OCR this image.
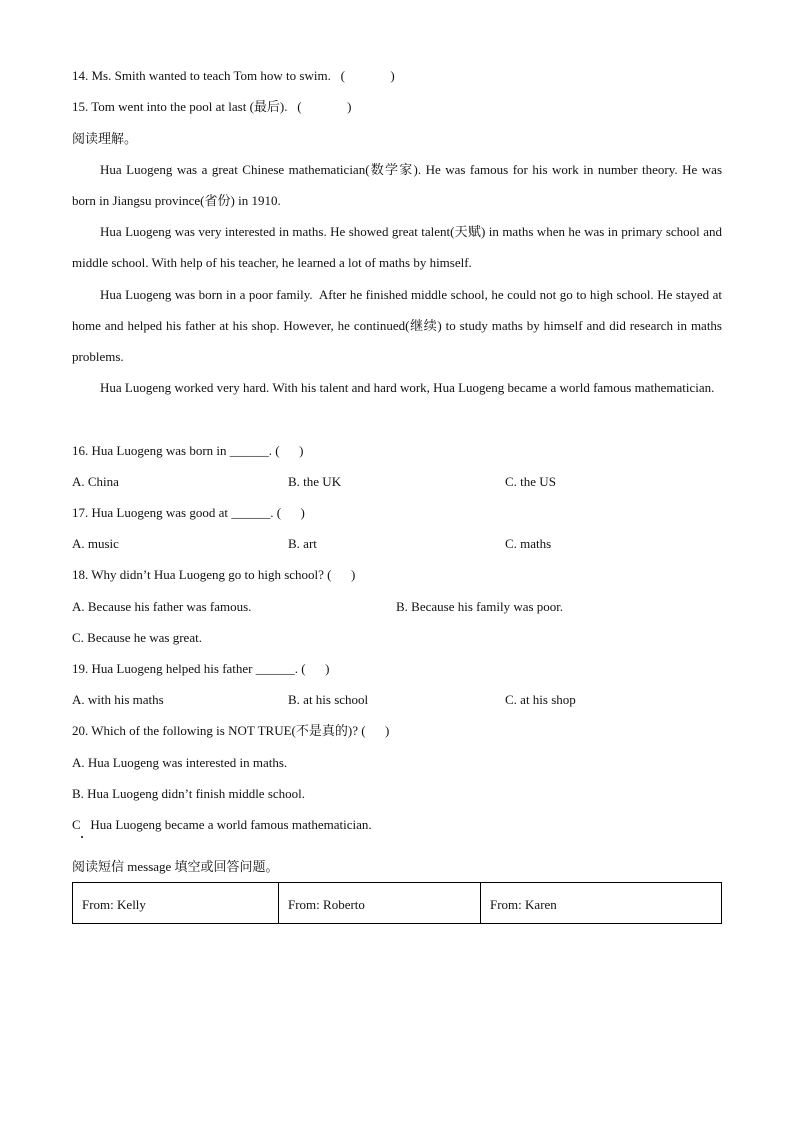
14. Ms. Smith wanted to teach Tom how to swim.   (              )
15. Tom went into the pool at last (最后).   (              )
阅读理解。
Hua Luogeng was a great Chinese mathematician(数学家). He was famous for his work in number theory. He was born in Jiangsu province(省份) in 1910.
Hua Luogeng was very interested in maths. He showed great talent(天赋) in maths when he was in primary school and middle school. With help of his teacher, he learned a lot of maths by himself.
Hua Luogeng was born in a poor family.  After he finished middle school, he could not go to high school. He stayed at home and helped his father at his shop. However, he continued(继续) to study maths by himself and did research in maths problems.
Hua Luogeng worked very hard. With his talent and hard work, Hua Luogeng became a world famous mathematician.
16. Hua Luogeng was born in ______. (      )
A. China	B. the UK	C. the US
17. Hua Luogeng was good at ______. (      )
A. music	B. art	C. maths
18. Why didn’t Hua Luogeng go to high school? (      )
A. Because his father was famous.	B. Because his family was poor.
C. Because he was great.
19. Hua Luogeng helped his father ______. (      )
A. with his maths	B. at his school	C. at his shop
20. Which of the following is NOT TRUE(不是真的)? (      )
A. Hua Luogeng was interested in maths.
B. Hua Luogeng didn’t finish middle school.
C   Hua Luogeng became a world famous mathematician.
阅读短信 message 填空或回答问题。
From: Kelly	From: Roberto	From: Karen
